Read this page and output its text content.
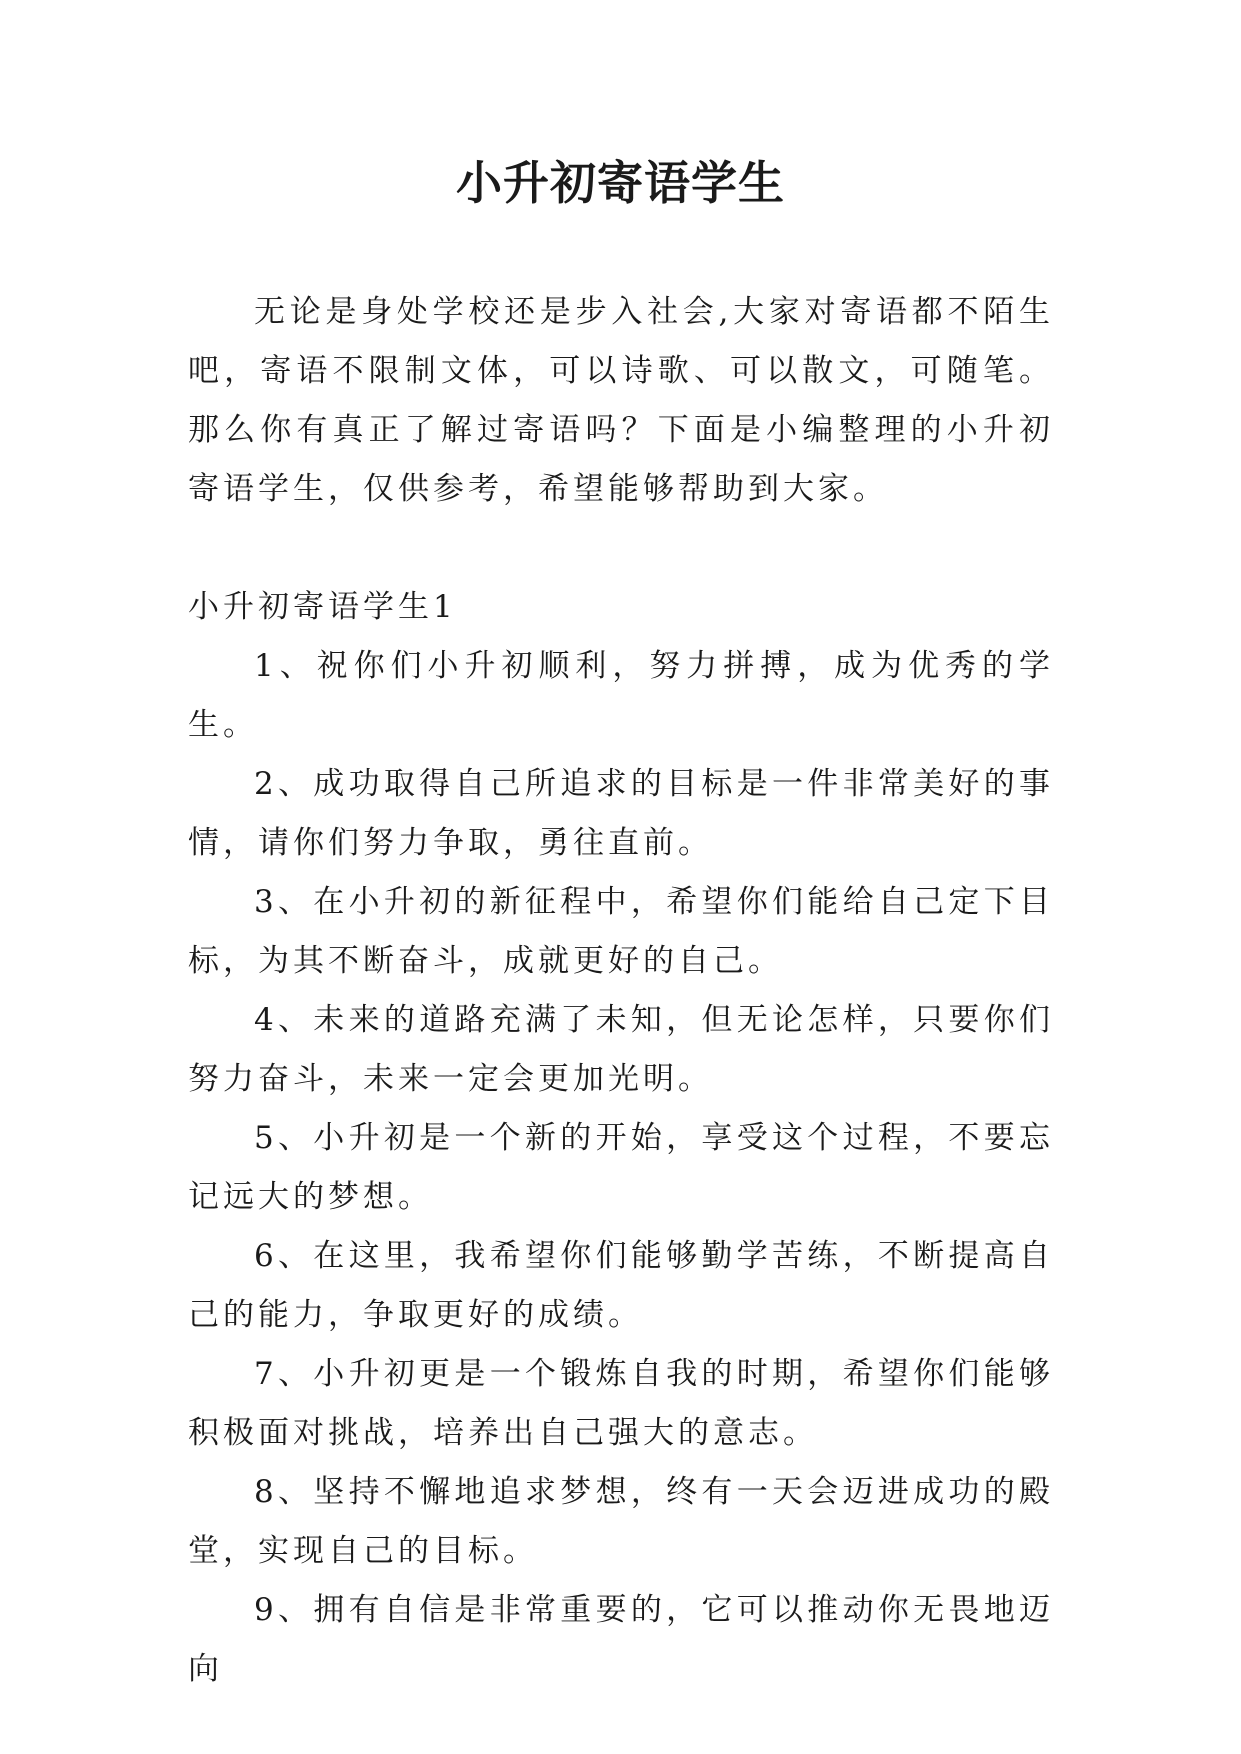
小升初寄语学生

无论是身处学校还是步入社会,大家对寄语都不陌生吧，寄语不限制文体，可以诗歌、可以散文，可随笔。那么你有真正了解过寄语吗？下面是小编整理的小升初寄语学生，仅供参考，希望能够帮助到大家。

小升初寄语学生1

1、祝你们小升初顺利，努力拼搏，成为优秀的学生。

2、成功取得自己所追求的目标是一件非常美好的事情，请你们努力争取，勇往直前。

3、在小升初的新征程中，希望你们能给自己定下目标，为其不断奋斗，成就更好的自己。

4、未来的道路充满了未知，但无论怎样，只要你们努力奋斗，未来一定会更加光明。

5、小升初是一个新的开始，享受这个过程，不要忘记远大的梦想。

6、在这里，我希望你们能够勤学苦练，不断提高自己的能力，争取更好的成绩。

7、小升初更是一个锻炼自我的时期，希望你们能够积极面对挑战，培养出自己强大的意志。

8、坚持不懈地追求梦想，终有一天会迈进成功的殿堂，实现自己的目标。

9、拥有自信是非常重要的，它可以推动你无畏地迈向
